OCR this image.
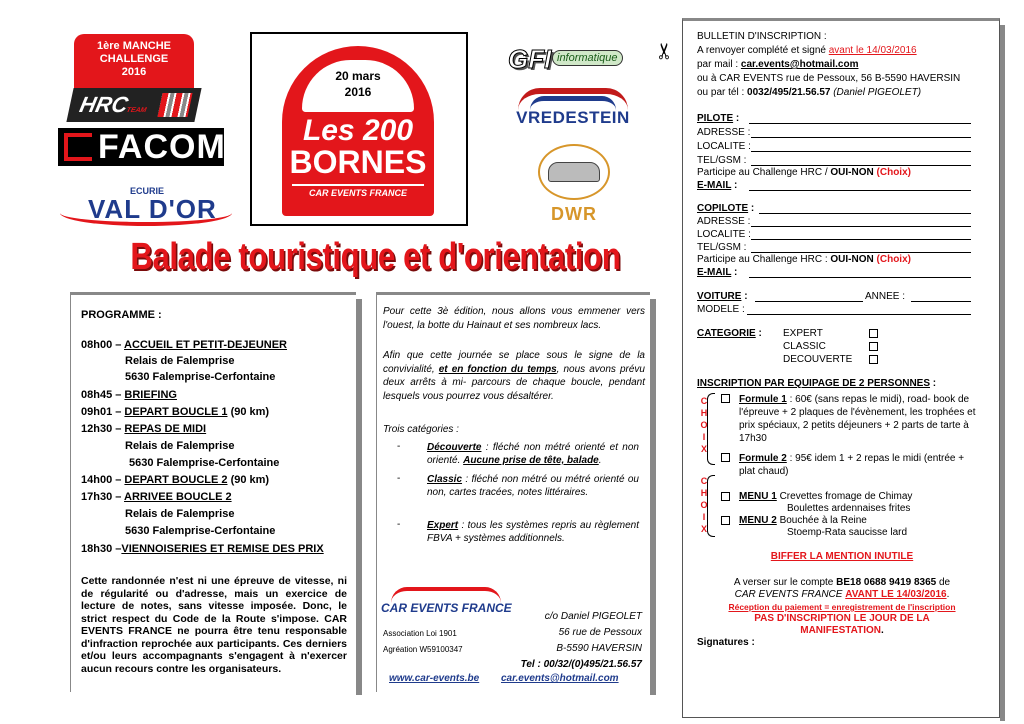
1ère MANCHE
CHALLENGE
2016
HRCTEAM
FACOM
ECURIE
VAL D'OR
20 mars
2016
Les 200
BORNES
CAR EVENTS FRANCE
GFI informatique
VREDESTEIN
DWR
✂
Balade touristique et d'orientation
PROGRAMME :
08h00 – ACCUEIL ET PETIT-DEJEUNER
Relais de Falemprise
5630 Falemprise-Cerfontaine
08h45 – BRIEFING
09h01 – DEPART BOUCLE 1 (90 km)
12h30 – REPAS DE MIDI
Relais de Falemprise
5630 Falemprise-Cerfontaine
14h00 – DEPART BOUCLE 2 (90 km)
17h30 – ARRIVEE BOUCLE 2
Relais de Falemprise
5630 Falemprise-Cerfontaine
18h30 –VIENNOISERIES ET REMISE DES PRIX
Cette randonnée n'est ni une épreuve de vitesse, ni de régularité ou d'adresse, mais un exercice de lecture de notes, sans vitesse imposée. Donc, le strict respect du Code de la Route s'impose. CAR EVENTS FRANCE ne pourra être tenu responsable d'infraction reprochée aux participants. Ces derniers et/ou leurs accompagnants s'engagent à n'exercer aucun recours contre les organisateurs.
Pour cette 3è édition, nous allons vous emmener vers l'ouest, la botte du Hainaut et ses nombreux lacs.
Afin que cette journée se place sous le signe de la convivialité, et en fonction du temps, nous avons prévu deux arrêts à mi- parcours de chaque boucle, pendant lesquels vous pourrez vous désaltérer.
Trois catégories :
-	Découverte : fléché non métré orienté et non orienté. Aucune prise de tête, balade.
-	Classic : fléché non métré ou métré orienté ou non, cartes tracées, notes littéraires.
-	Expert : tous les systèmes repris au règlement FBVA + systèmes additionnels.
CAR EVENTS FRANCE
Association Loi 1901
Agréation W59100347
c/o Daniel PIGEOLET
56 rue de Pessoux
B-5590 HAVERSIN
Tel : 00/32/(0)495/21.56.57
www.car-events.be car.events@hotmail.com
BULLETIN D'INSCRIPTION :
A renvoyer complété et signé avant le 14/03/2016
par mail : car.events@hotmail.com
ou à CAR EVENTS rue de Pessoux, 56 B-5590 HAVERSIN
ou par tél : 0032/495/21.56.57 (Daniel PIGEOLET)
PILOTE :
ADRESSE :
LOCALITE :
TEL/GSM :
Participe au Challenge HRC / OUI-NON (Choix)
E-MAIL :
COPILOTE :
ADRESSE :
LOCALITE :
TEL/GSM :
Participe au Challenge HRC : OUI-NON (Choix)
E-MAIL :
VOITURE :	ANNEE :
MODELE :
CATEGORIE : EXPERT
CLASSIC
DECOUVERTE
INSCRIPTION PAR EQUIPAGE DE 2 PERSONNES :
C
H
O
I
X
Formule 1 : 60€ (sans repas le midi), road- book de l'épreuve + 2 plaques de l'évènement, les trophées et prix spéciaux, 2 petits déjeuners + 2 parts de tarte à 17h30
Formule 2 : 95€ idem 1 + 2 repas le midi (entrée + plat chaud)
C
H
O
I
X
MENU 1 Crevettes fromage de Chimay
Boulettes ardennaises frites
MENU 2 Bouchée à la Reine
Stoemp-Rata saucisse lard
BIFFER LA MENTION INUTILE
A verser sur le compte BE18 0688 9419 8365 de
CAR EVENTS FRANCE AVANT LE 14/03/2016.
Réception du paiement = enregistrement de l'inscription
PAS D'INSCRIPTION LE JOUR DE LA
MANIFESTATION.
Signatures :
